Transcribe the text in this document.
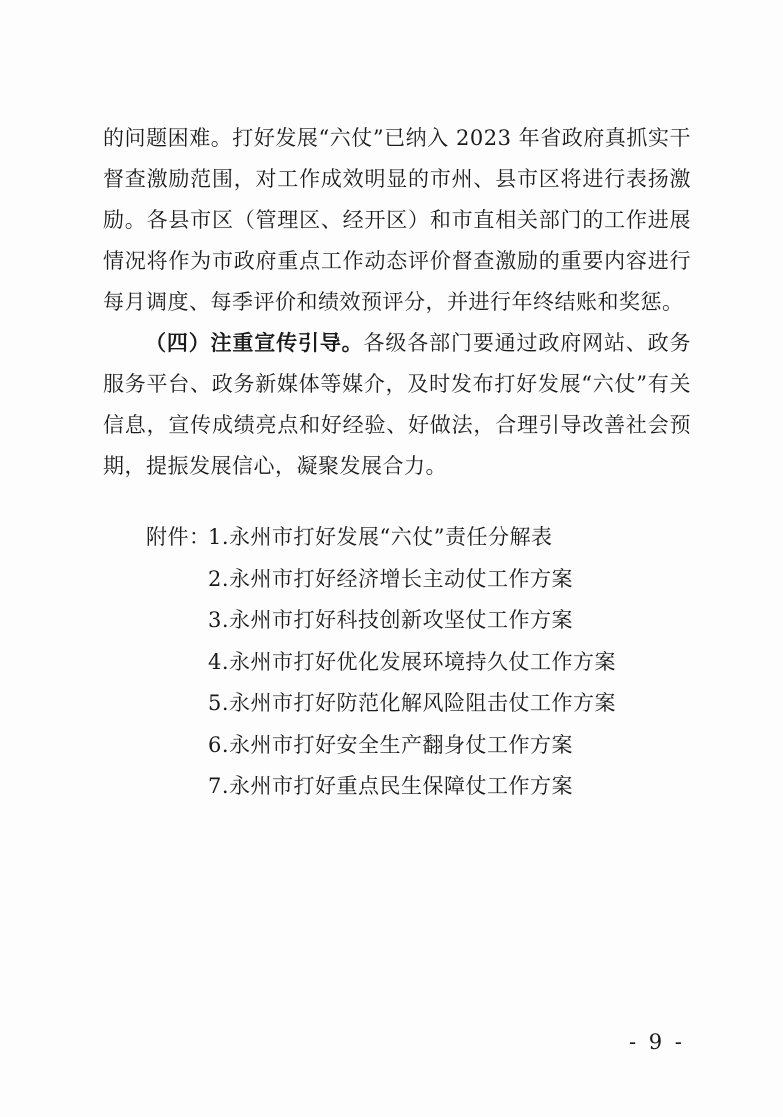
的问题困难。打好发展“六仗”已纳入 2023 年省政府真抓实干督查激励范围，对工作成效明显的市州、县市区将进行表扬激励。各县市区（管理区、经开区）和市直相关部门的工作进展情况将作为市政府重点工作动态评价督查激励的重要内容进行每月调度、每季评价和绩效预评分，并进行年终结账和奖惩。

（四）注重宣传引导。各级各部门要通过政府网站、政务服务平台、政务新媒体等媒介，及时发布打好发展“六仗”有关信息，宣传成绩亮点和好经验、好做法，合理引导改善社会预期，提振发展信心，凝聚发展合力。

附件：
1.永州市打好发展“六仗”责任分解表
2.永州市打好经济增长主动仗工作方案
3.永州市打好科技创新攻坚仗工作方案
4.永州市打好优化发展环境持久仗工作方案
5.永州市打好防范化解风险阻击仗工作方案
6.永州市打好安全生产翻身仗工作方案
7.永州市打好重点民生保障仗工作方案
- 9 -
